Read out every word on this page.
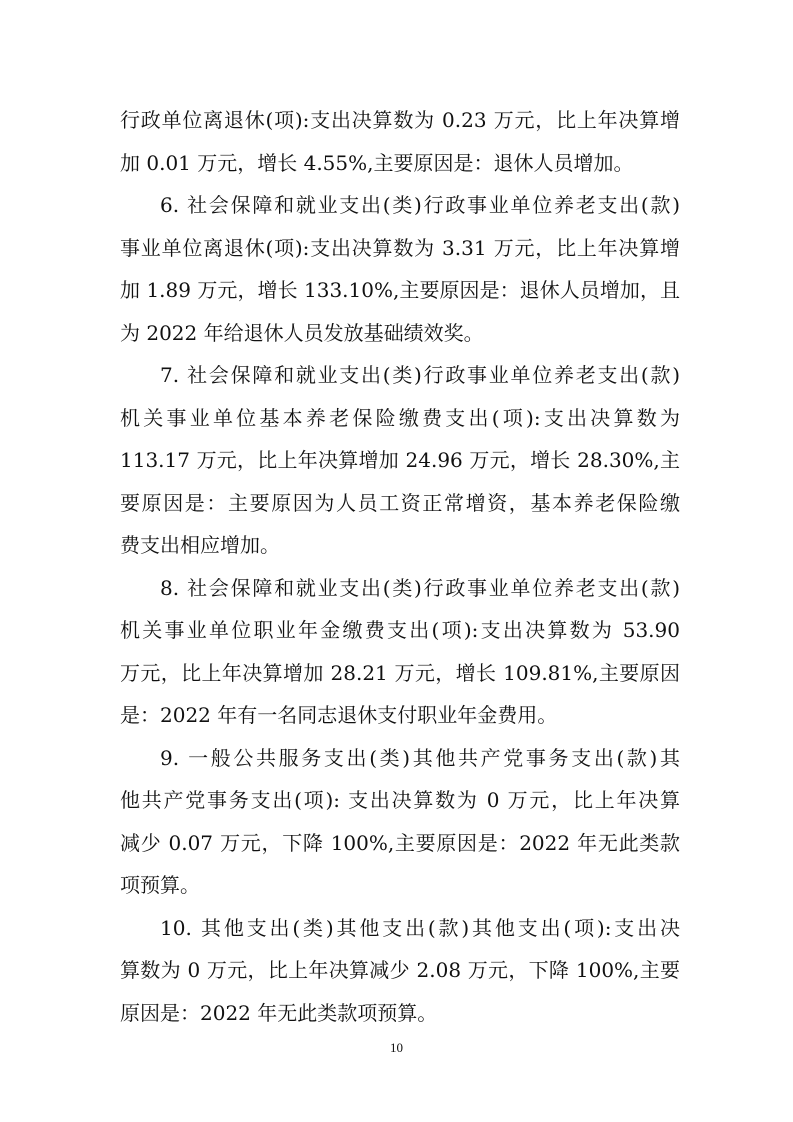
行政单位离退休(项):支出决算数为 0.23 万元，比上年决算增
加 0.01 万元，增长 4.55%,主要原因是：退休人员增加。
6. 社会保障和就业支出(类)行政事业单位养老支出(款)
事业单位离退休(项):支出决算数为 3.31 万元，比上年决算增
加 1.89 万元，增长 133.10%,主要原因是：退休人员增加，且
为 2022 年给退休人员发放基础绩效奖。
7. 社会保障和就业支出(类)行政事业单位养老支出(款)
机关事业单位基本养老保险缴费支出(项):支出决算数为
113.17 万元，比上年决算增加 24.96 万元，增长 28.30%,主
要原因是：主要原因为人员工资正常增资，基本养老保险缴
费支出相应增加。
8. 社会保障和就业支出(类)行政事业单位养老支出(款)
机关事业单位职业年金缴费支出(项):支出决算数为 53.90
万元，比上年决算增加 28.21 万元，增长 109.81%,主要原因
是：2022 年有一名同志退休支付职业年金费用。
9. 一般公共服务支出(类)其他共产党事务支出(款)其
他共产党事务支出(项): 支出决算数为 0 万元，比上年决算
减少 0.07 万元，下降 100%,主要原因是：2022 年无此类款
项预算。
10. 其他支出(类)其他支出(款)其他支出(项):支出决
算数为 0 万元，比上年决算减少 2.08 万元，下降 100%,主要
原因是：2022 年无此类款项预算。
10
